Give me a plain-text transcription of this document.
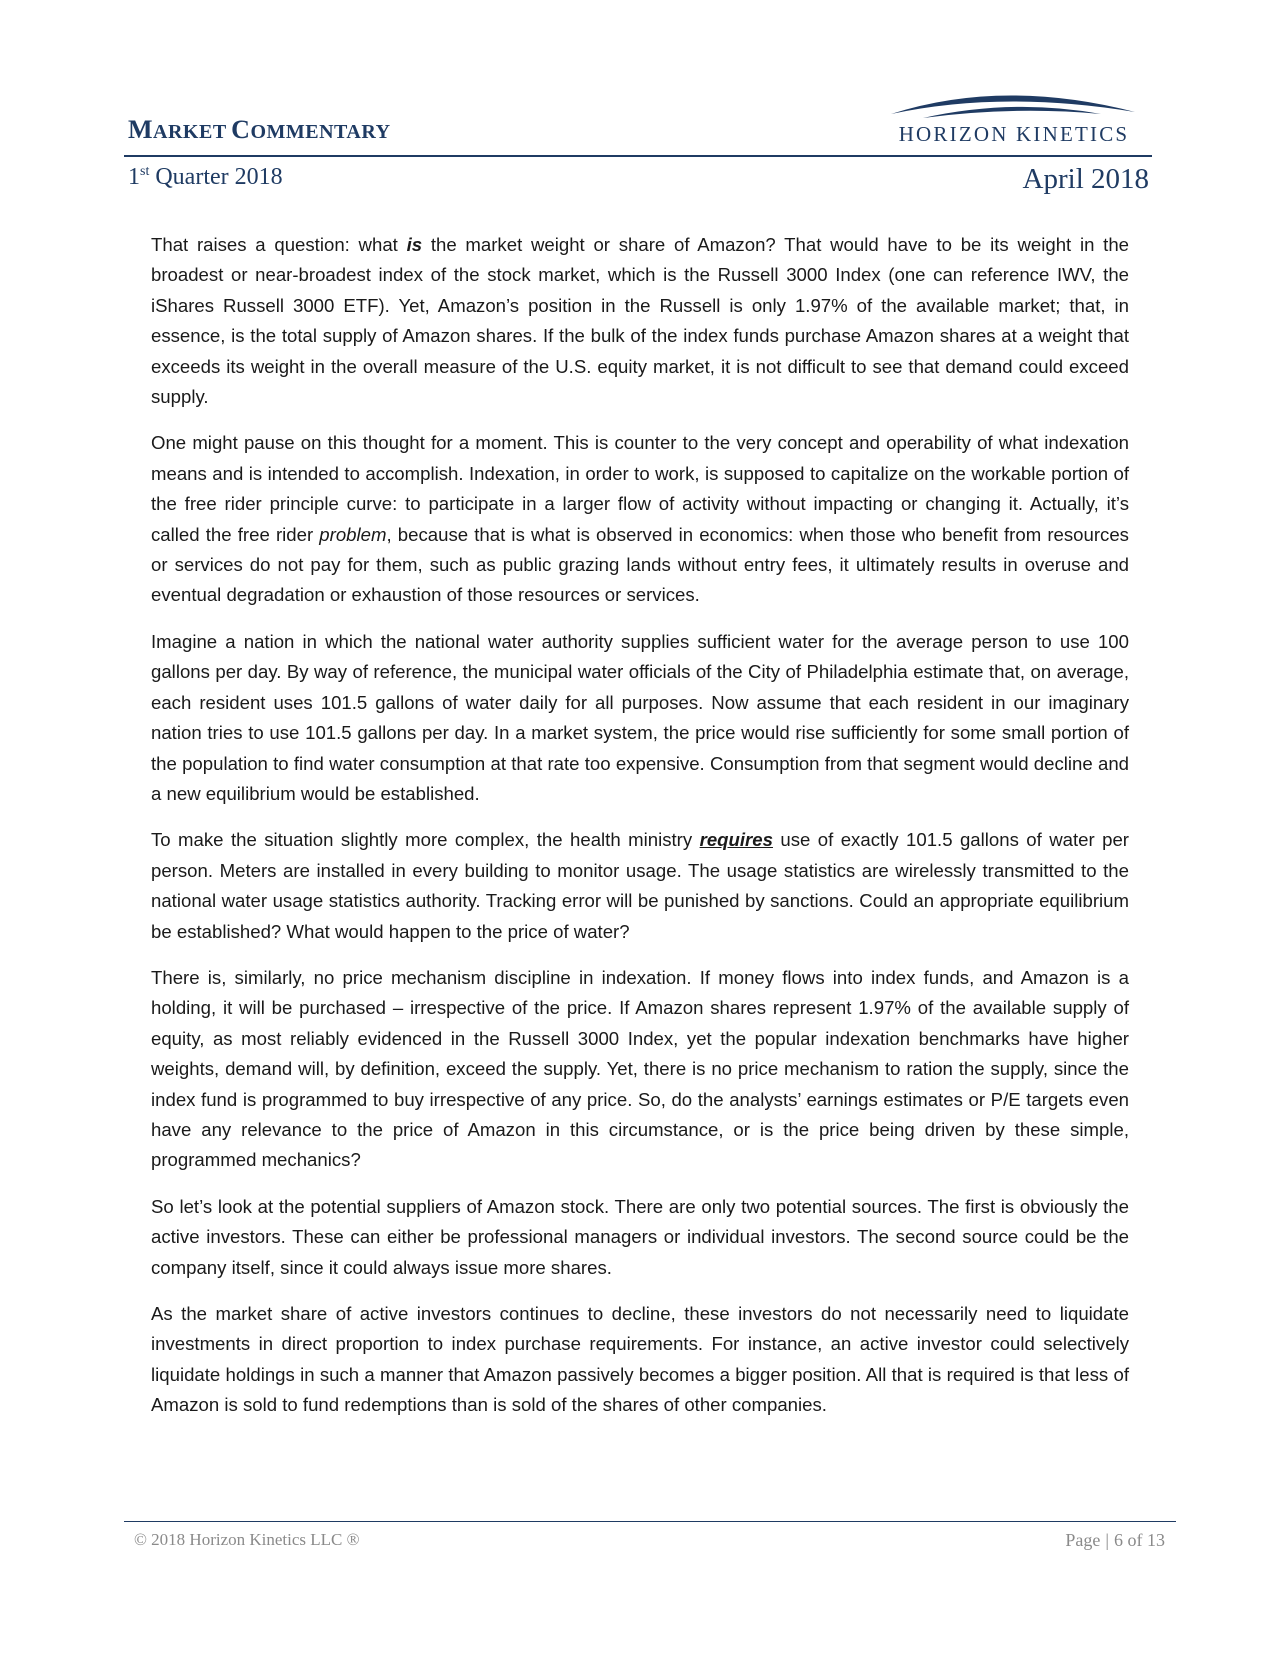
MARKET COMMENTARY	HORIZON KINETICS
1st Quarter 2018	April 2018

That raises a question: what is the market weight or share of Amazon? That would have to be its weight in the broadest or near-broadest index of the stock market, which is the Russell 3000 Index (one can reference IWV, the iShares Russell 3000 ETF). Yet, Amazon’s position in the Russell is only 1.97% of the available market; that, in essence, is the total supply of Amazon shares. If the bulk of the index funds purchase Amazon shares at a weight that exceeds its weight in the overall measure of the U.S. equity market, it is not difficult to see that demand could exceed supply.

One might pause on this thought for a moment. This is counter to the very concept and operability of what indexation means and is intended to accomplish. Indexation, in order to work, is supposed to capitalize on the workable portion of the free rider principle curve: to participate in a larger flow of activity without impacting or changing it. Actually, it’s called the free rider problem, because that is what is observed in economics: when those who benefit from resources or services do not pay for them, such as public grazing lands without entry fees, it ultimately results in overuse and eventual degradation or exhaustion of those resources or services.

Imagine a nation in which the national water authority supplies sufficient water for the average person to use 100 gallons per day. By way of reference, the municipal water officials of the City of Philadelphia estimate that, on average, each resident uses 101.5 gallons of water daily for all purposes. Now assume that each resident in our imaginary nation tries to use 101.5 gallons per day. In a market system, the price would rise sufficiently for some small portion of the population to find water consumption at that rate too expensive. Consumption from that segment would decline and a new equilibrium would be established.

To make the situation slightly more complex, the health ministry requires use of exactly 101.5 gallons of water per person. Meters are installed in every building to monitor usage. The usage statistics are wirelessly transmitted to the national water usage statistics authority. Tracking error will be punished by sanctions. Could an appropriate equilibrium be established? What would happen to the price of water?

There is, similarly, no price mechanism discipline in indexation. If money flows into index funds, and Amazon is a holding, it will be purchased – irrespective of the price. If Amazon shares represent 1.97% of the available supply of equity, as most reliably evidenced in the Russell 3000 Index, yet the popular indexation benchmarks have higher weights, demand will, by definition, exceed the supply. Yet, there is no price mechanism to ration the supply, since the index fund is programmed to buy irrespective of any price. So, do the analysts’ earnings estimates or P/E targets even have any relevance to the price of Amazon in this circumstance, or is the price being driven by these simple, programmed mechanics?

So let’s look at the potential suppliers of Amazon stock. There are only two potential sources. The first is obviously the active investors. These can either be professional managers or individual investors. The second source could be the company itself, since it could always issue more shares.

As the market share of active investors continues to decline, these investors do not necessarily need to liquidate investments in direct proportion to index purchase requirements. For instance, an active investor could selectively liquidate holdings in such a manner that Amazon passively becomes a bigger position. All that is required is that less of Amazon is sold to fund redemptions than is sold of the shares of other companies.

© 2018 Horizon Kinetics LLC ®	Page | 6 of 13
